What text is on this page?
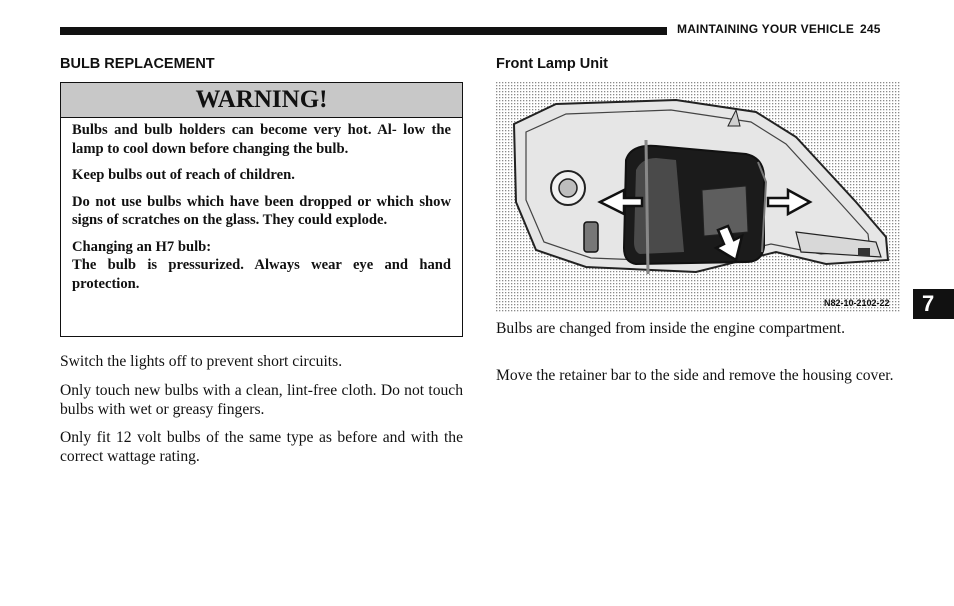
MAINTAINING YOUR VEHICLE 245
BULB REPLACEMENT
WARNING!

Bulbs and bulb holders can become very hot. Al- low the lamp to cool down before changing the bulb.

Keep bulbs out of reach of children.

Do not use bulbs which have been dropped or which show signs of scratches on the glass. They could explode.

Changing an H7 bulb:
The bulb is pressurized. Always wear eye and hand protection.

Switch the lights off to prevent short circuits.

Only touch new bulbs with a clean, lint-free cloth. Do not touch bulbs with wet or greasy fingers.

Only fit 12 volt bulbs of the same type as before and with the correct wattage rating.

Front Lamp Unit
N82-10-2102-22

Bulbs are changed from inside the engine compartment.

Move the retainer bar to the side and remove the housing cover.

7
